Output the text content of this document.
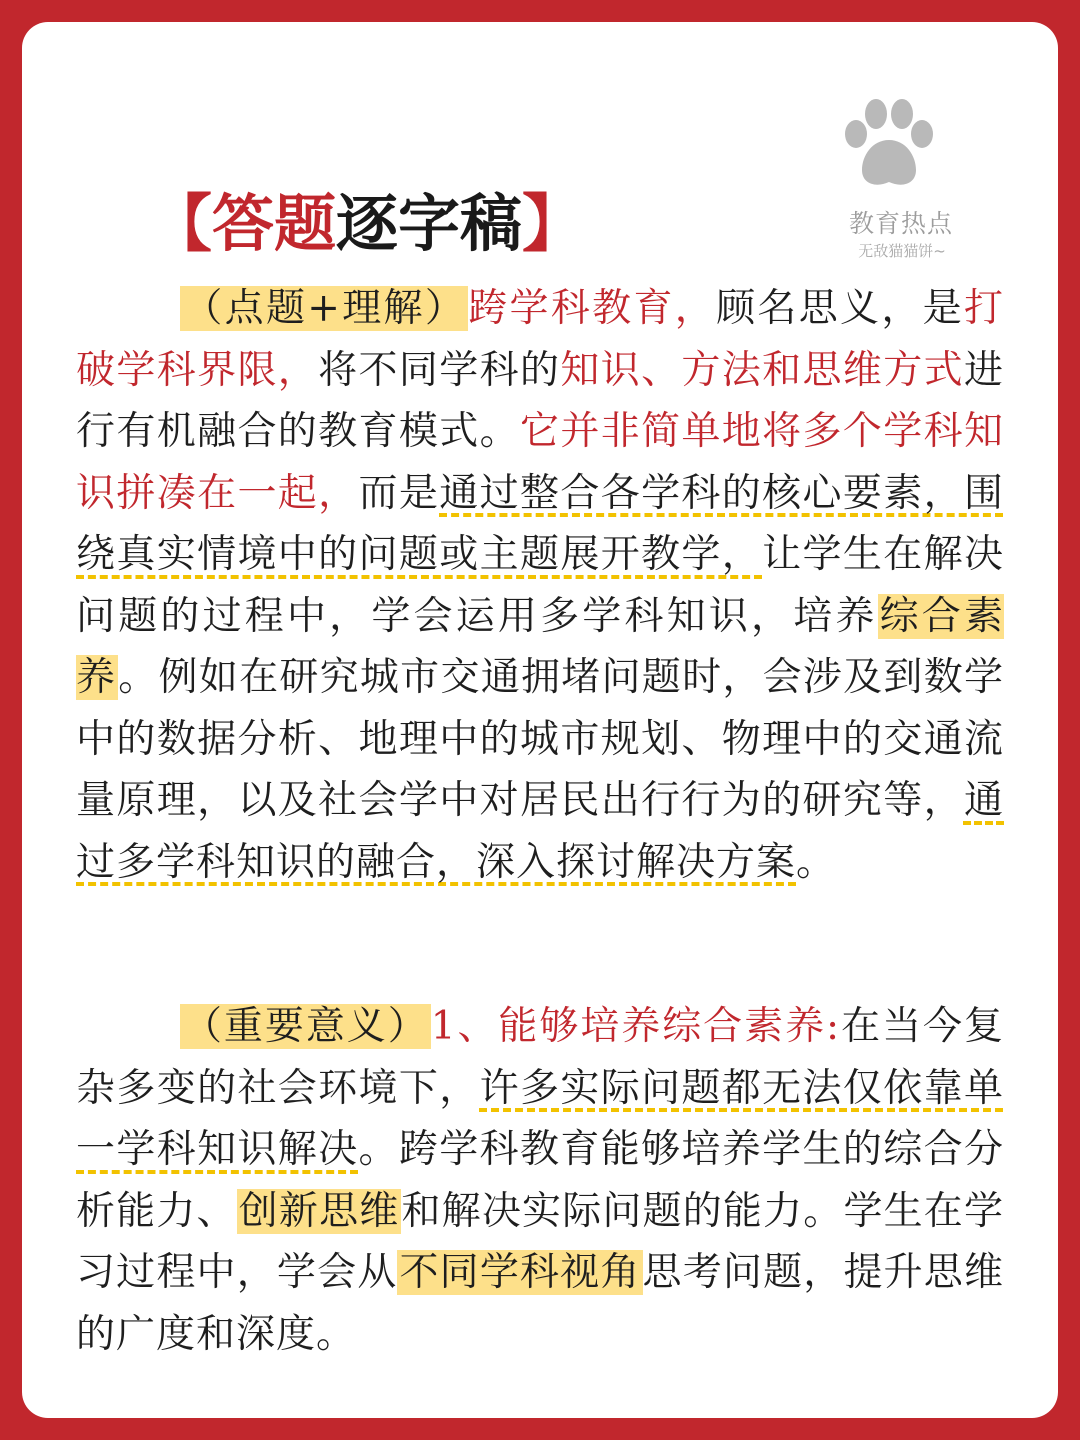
教育热点
无敌猫猫饼~
【答题逐字稿】
（点题+理解）跨学科教育，顾名思义，是打破学科界限，将不同学科的知识、方法和思维方式进行有机融合的教育模式。它并非简单地将多个学科知识拼凑在一起，而是通过整合各学科的核心要素，围绕真实情境中的问题或主题展开教学，让学生在解决问题的过程中，学会运用多学科知识，培养综合素养。例如在研究城市交通拥堵问题时，会涉及到数学中的数据分析、地理中的城市规划、物理中的交通流量原理，以及社会学中对居民出行行为的研究等，通过多学科知识的融合，深入探讨解决方案。
（重要意义）1、能够培养综合素养:在当今复杂多变的社会环境下，许多实际问题都无法仅依靠单一学科知识解决。跨学科教育能够培养学生的综合分析能力、创新思维和解决实际问题的能力。学生在学习过程中，学会从不同学科视角思考问题，提升思维的广度和深度。
